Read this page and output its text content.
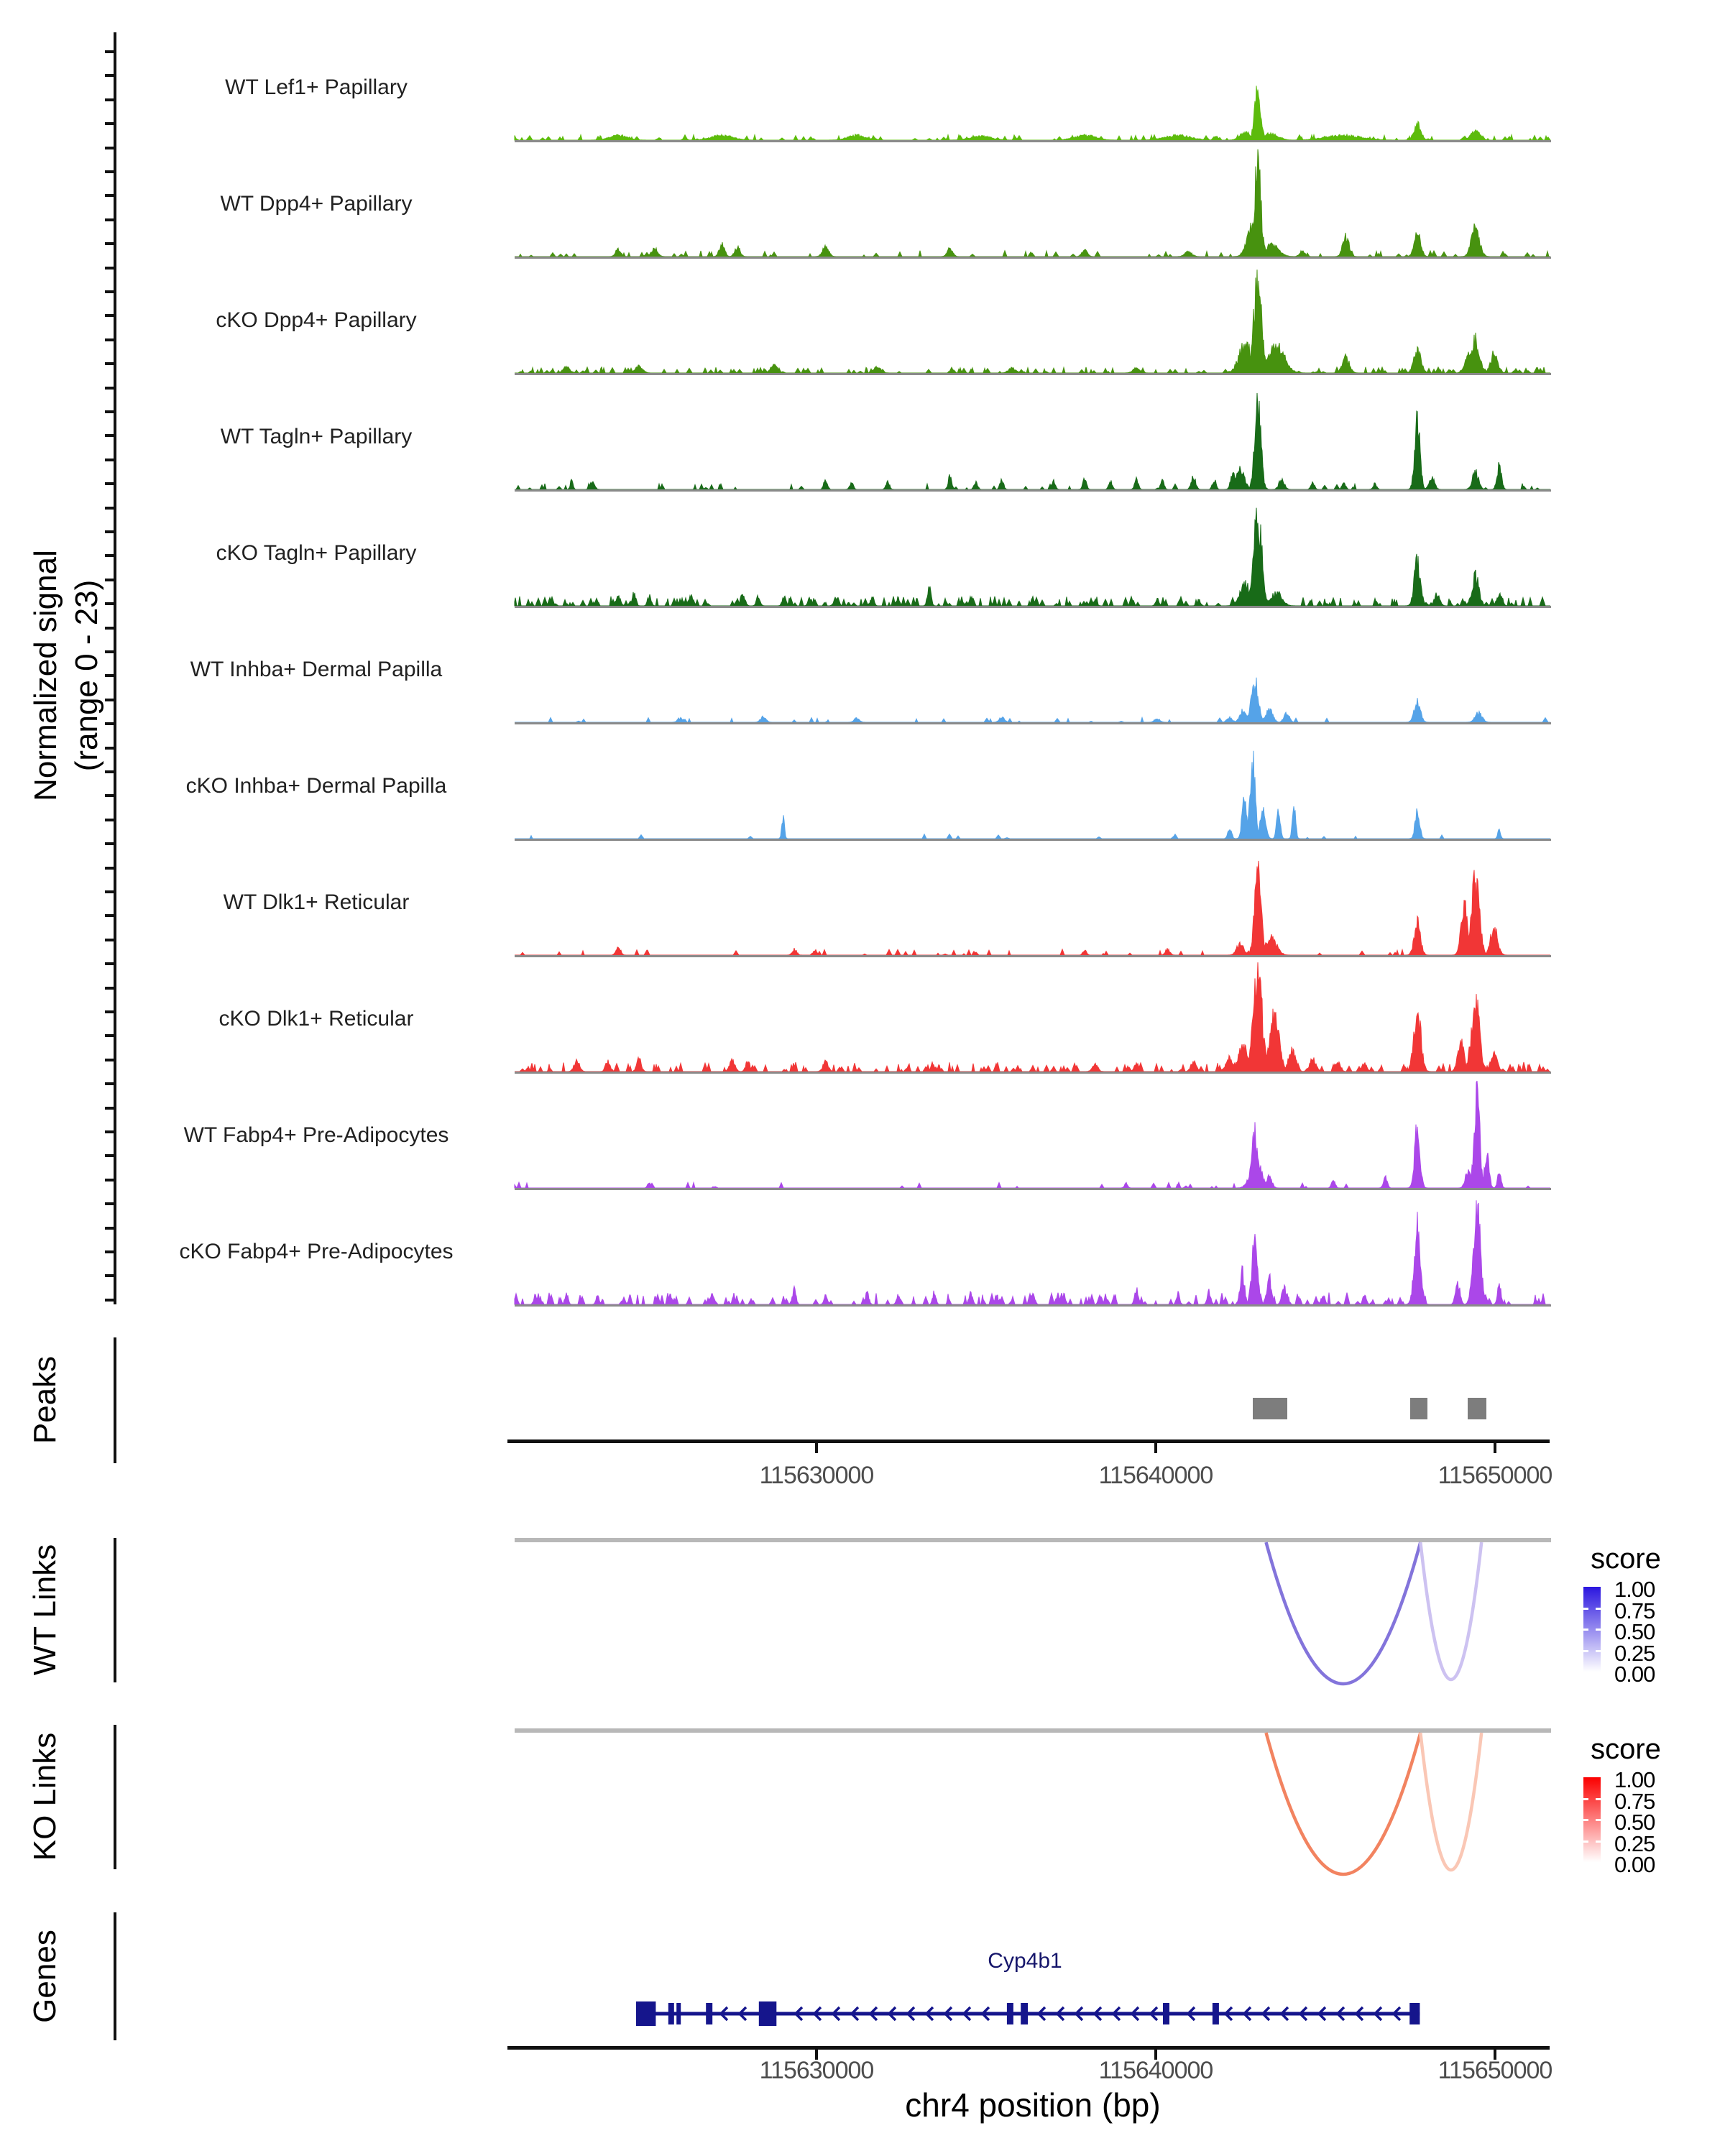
Normalized signal (range 0 - 23)
WT Lef1+ Papillary
WT Dpp4+ Papillary
cKO Dpp4+ Papillary
WT Tagln+ Papillary
cKO Tagln+ Papillary
WT Inhba+ Dermal Papilla
cKO Inhba+ Dermal Papilla
WT Dlk1+ Reticular
cKO Dlk1+ Reticular
WT Fabp4+ Pre-Adipocytes
cKO Fabp4+ Pre-Adipocytes
Peaks
115630000	115640000	115650000
WT Links	score
1.00
0.75
0.50
0.25
0.00
KO Links	score
1.00
0.75
0.50
0.25
0.00
Genes	Cyp4b1
115630000	115640000	115650000
chr4 position (bp)
